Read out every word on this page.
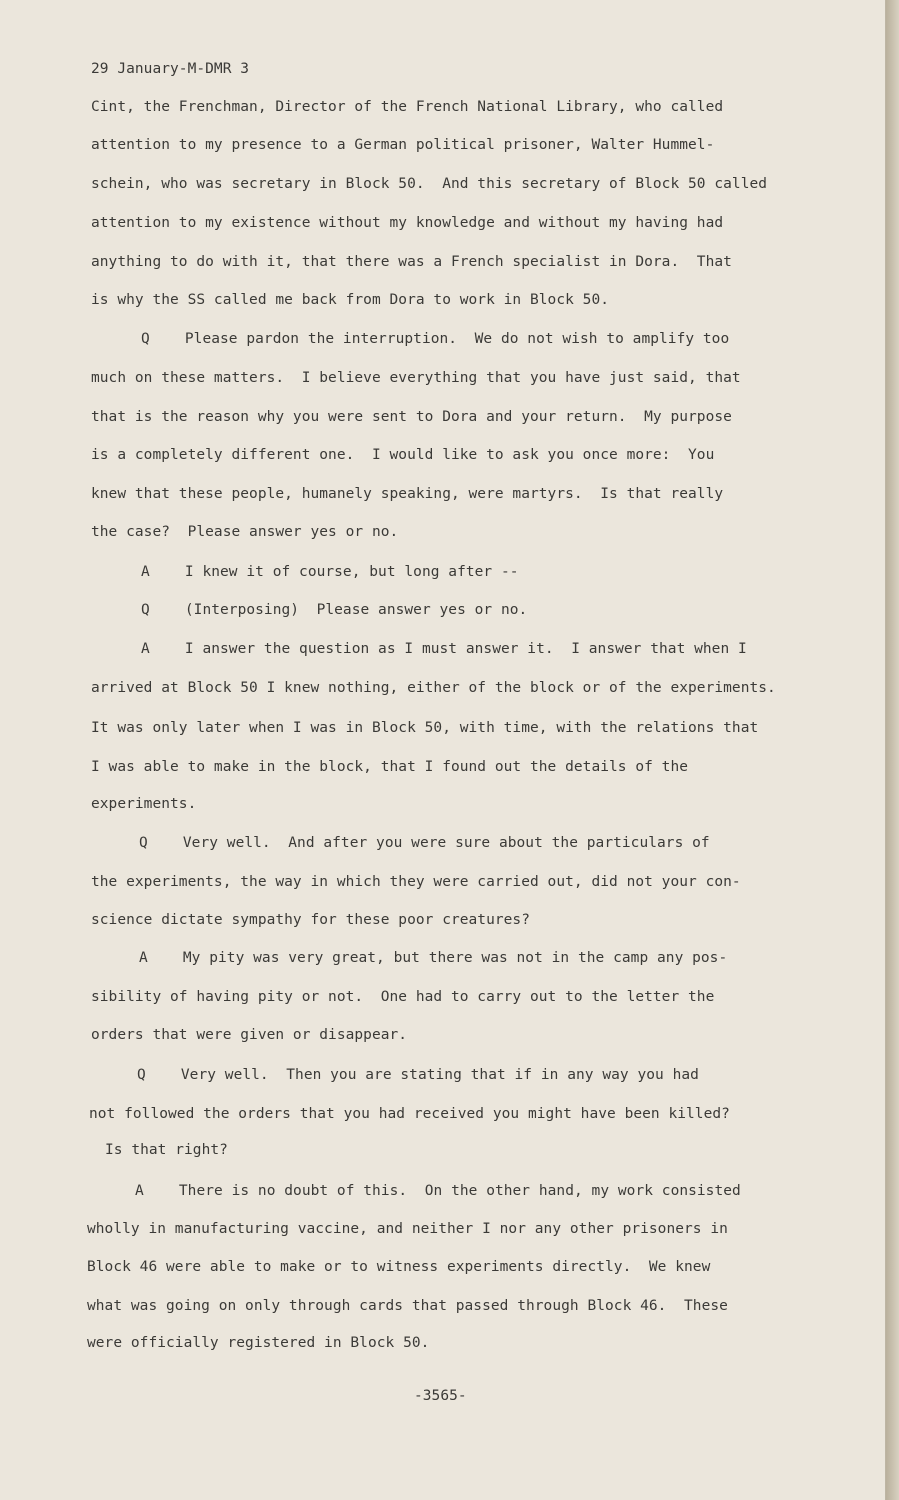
29 January-M-DMR 3
Cint, the Frenchman, Director of the French National Library, who called
attention to my presence to a German political prisoner, Walter Hummel-
schein, who was secretary in Block 50.  And this secretary of Block 50 called
attention to my existence without my knowledge and without my having had
anything to do with it, that there was a French specialist in Dora.  That
is why the SS called me back from Dora to work in Block 50.
Q    Please pardon the interruption.  We do not wish to amplify too
much on these matters.  I believe everything that you have just said, that
that is the reason why you were sent to Dora and your return.  My purpose
is a completely different one.  I would like to ask you once more:  You
knew that these people, humanely speaking, were martyrs.  Is that really
the case?  Please answer yes or no.
A    I knew it of course, but long after --
Q    (Interposing)  Please answer yes or no.
A    I answer the question as I must answer it.  I answer that when I
arrived at Block 50 I knew nothing, either of the block or of the experiments.
It was only later when I was in Block 50, with time, with the relations that
I was able to make in the block, that I found out the details of the
experiments.
Q    Very well.  And after you were sure about the particulars of
the experiments, the way in which they were carried out, did not your con-
science dictate sympathy for these poor creatures?
A    My pity was very great, but there was not in the camp any pos-
sibility of having pity or not.  One had to carry out to the letter the
orders that were given or disappear.
Q    Very well.  Then you are stating that if in any way you had
not followed the orders that you had received you might have been killed?
Is that right?
A    There is no doubt of this.  On the other hand, my work consisted
wholly in manufacturing vaccine, and neither I nor any other prisoners in
Block 46 were able to make or to witness experiments directly.  We knew
what was going on only through cards that passed through Block 46.  These
were officially registered in Block 50.
-3565-
